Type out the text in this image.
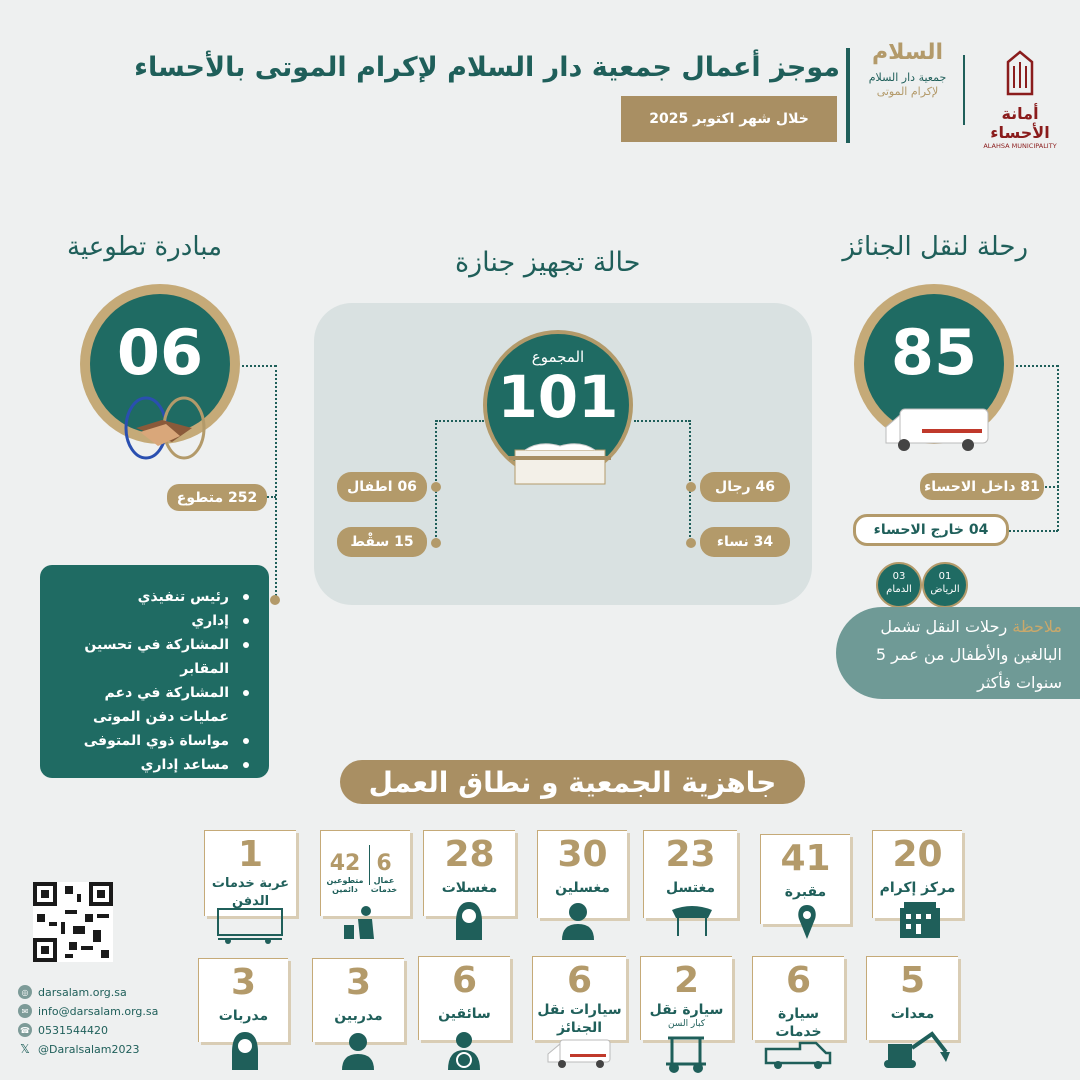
موجز أعمال جمعية دار السلام لإكرام الموتى بالأحساء
خلال شهر اكتوبر 2025
السلام
جمعية دار السلام
لإكرام الموتى
أمانة الأحساء
ALAHSA MUNICIPALITY
رحلة لنقل الجنائز
85
81 داخل الاحساء
04 خارج الاحساء
01
الرياض
03
الدمام
ملاحظة رحلات النقل تشمل البالغين والأطفال من عمر 5 سنوات فأكثر
حالة تجهيز جنازة
المجموع
101
06 اطفال
15 سقْط
46 رجال
34 نساء
مبادرة تطوعية
06
252 متطوع
رئيس تنفيذي
إداري
المشاركة في تحسين المقابر
المشاركة في دعم عمليات دفن الموتى
مواساة ذوي المتوفى
مساعد إداري
جاهزية الجمعية و نطاق العمل
20
مركز إكرام
41
مقبرة
23
مغتسل
30
مغسلين
28
مغسلات
6
عمال خدمات
42
متطوعين دائمين
1
عربة خدمات الدفن
◎ darsalam.org.sa
✉ info@darsalam.org.sa
☎ 0531544420
𝕏 @Daralsalam2023
5
معدات
6
سيارة خدمات
2
سيارة نقل
كبار السن
6
سيارات نقل الجنائز
6
سائقين
3
مدربين
3
مدربات
